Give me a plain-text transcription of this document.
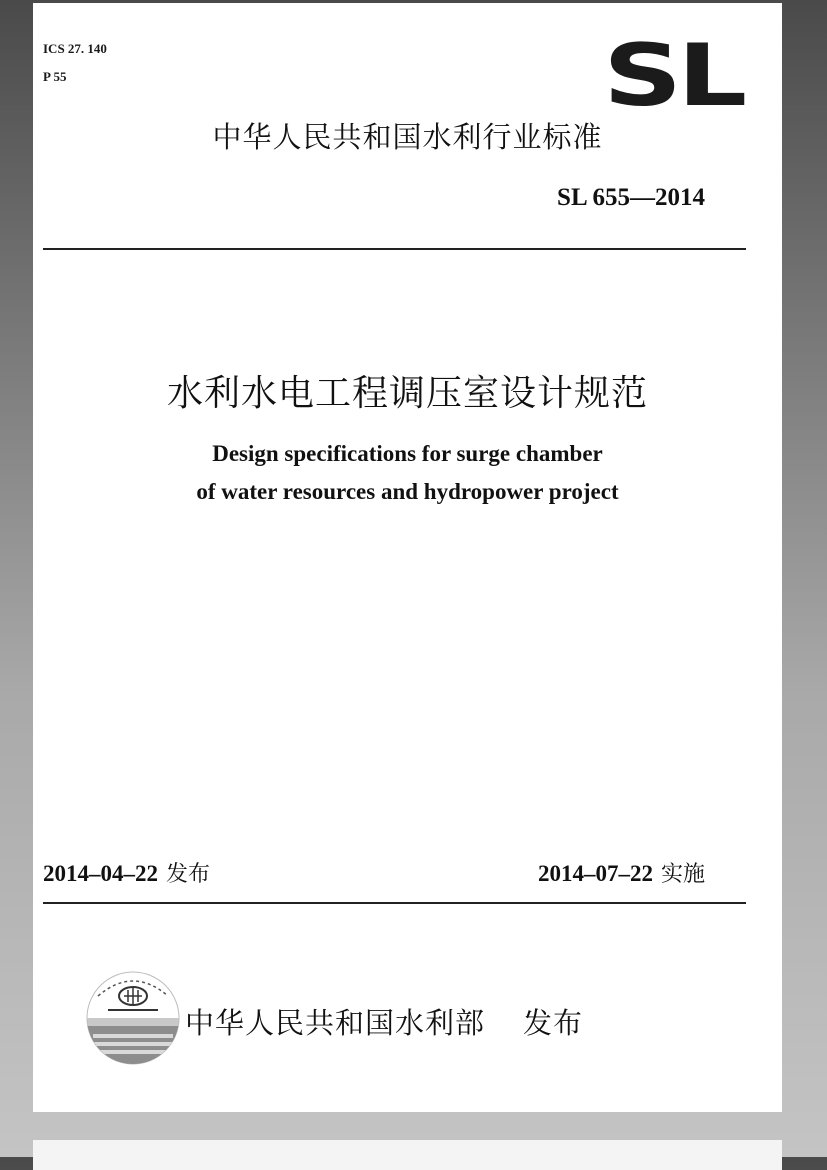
ICS 27. 140
P 55	SL
中华人民共和国水利行业标准
SL 655—2014
水利水电工程调压室设计规范
Design specifications for surge chamber
of water resources and hydropower project
2014–04–22 发布	2014–07–22 实施
中华人民共和国水利部 发布
